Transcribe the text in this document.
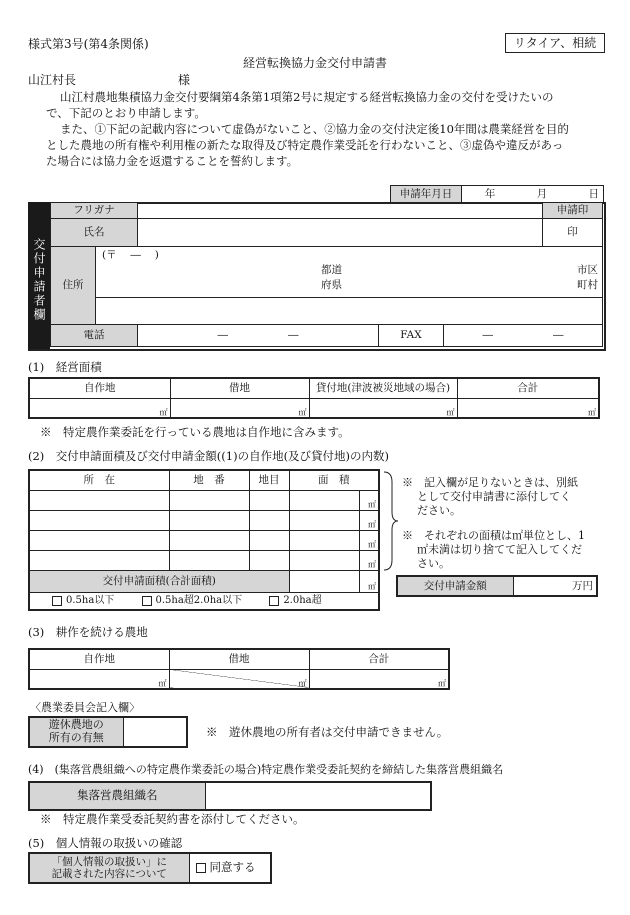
様式第3号(第4条関係)	リタイア、相続
経営転換協力金交付申請書
山江村長	様
山江村農地集積協力金交付要綱第4条第1項第2号に規定する経営転換協力金の交付を受けたいの
で、下記のとおり申請します。
また、①下記の記載内容について虚偽がないこと、②協力金の交付決定後10年間は農業経営を目的
とした農地の所有権や利用権の新たな取得及び特定農作業受託を行わないこと、③虚偽や違反があっ
た場合には協力金を返還することを誓約します。
申請年月日	年	月	日
交付申請者欄
フリガナ					申請印
氏名					印
住所	(〒　 ―　 )
都道
府県
市区
町村				

電話		― ―	FAX	― ―	
(1)　経営面積
自作地	借地	貸付地(津波被災地域の場合)	合計
㎡	㎡	㎡	㎡
※　特定農作業委託を行っている農地は自作地に含みます。
(2)　交付申請面積及び交付申請金額((1)の自作地(及び貸付地)の内数)
所　在	地　番	地目	面　積	
				㎡
				㎡
				㎡
				㎡
交付申請面積(合計面積)				㎡
0.5ha以下 0.5ha超2.0ha以下 2.0ha超				
※　記入欄が足りないときは、別紙
として交付申請書に添付してく
ださい。
※　それぞれの面積は㎡単位とし、1
㎡未満は切り捨てて記入してくだ
さい。
交付申請金額	万円
(3)　耕作を続ける農地
自作地	借地	合計
㎡	㎡	㎡
〈農業委員会記入欄〉
遊休農地の
所有の有無
		※　遊休農地の所有者は交付申請できません。
(4)　(集落営農組織への特定農作業委託の場合)特定農作業受委託契約を締結した集落営農組織名
集落営農組織名	
※　特定農作業受委託契約書を添付してください。
(5)　個人情報の取扱いの確認
「個人情報の取扱い」に
記載された内容について	同意する
